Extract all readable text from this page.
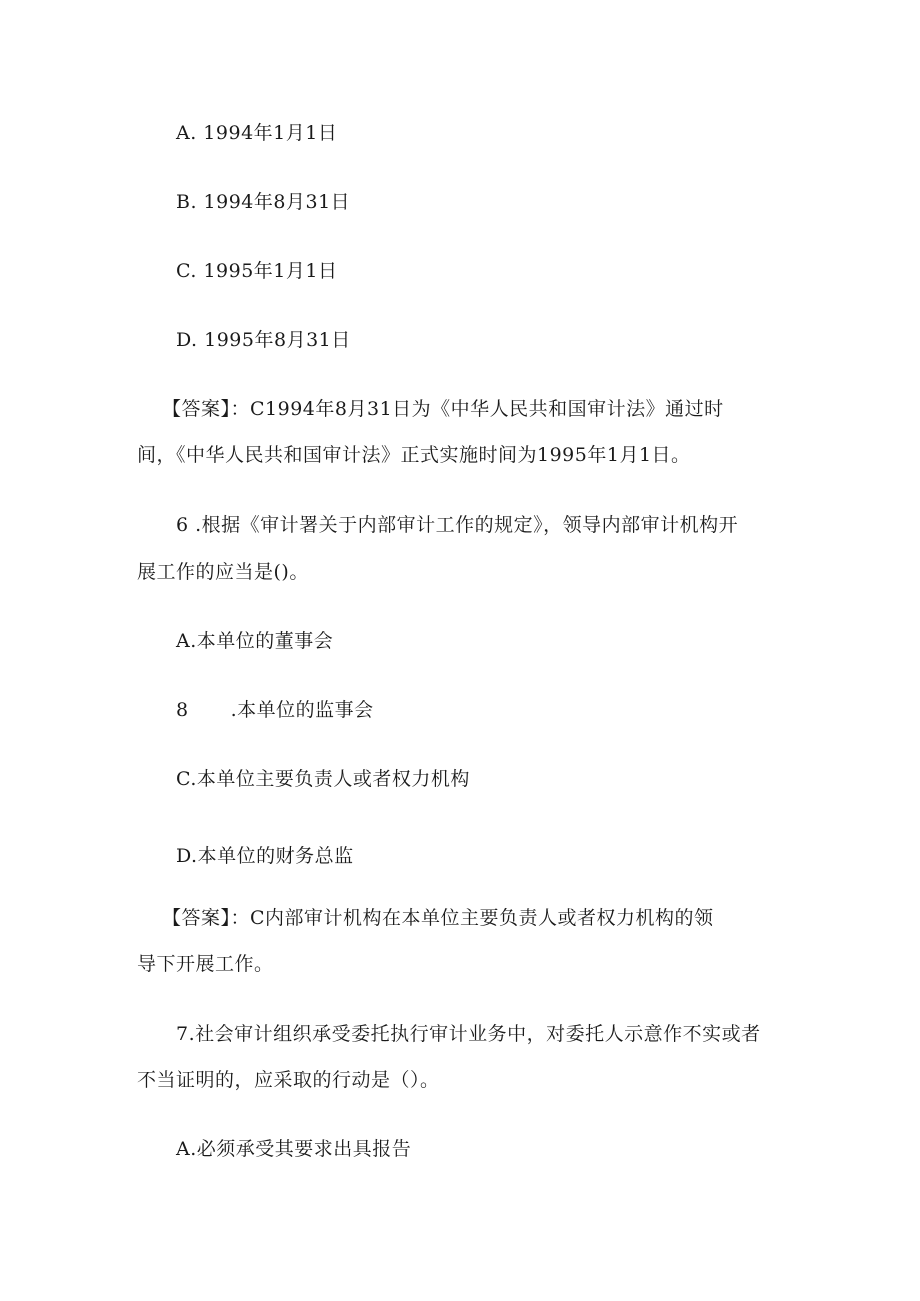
A. 1994年1月1日
B. 1994年8月31日
C. 1995年1月1日
D. 1995年8月31日
【答案】：C1994年8月31日为《中华人民共和国审计法》通过时
间，《中华人民共和国审计法》正式实施时间为1995年1月1日。
6 .根据《审计署关于内部审计工作的规定》，领导内部审计机构开
展工作的应当是()。
A.本单位的董事会
8 .本单位的监事会
C.本单位主要负责人或者权力机构
D.本单位的财务总监
【答案】：C内部审计机构在本单位主要负责人或者权力机构的领
导下开展工作。
7.社会审计组织承受委托执行审计业务中，对委托人示意作不实或者
不当证明的，应采取的行动是（）。
A.必须承受其要求出具报告
